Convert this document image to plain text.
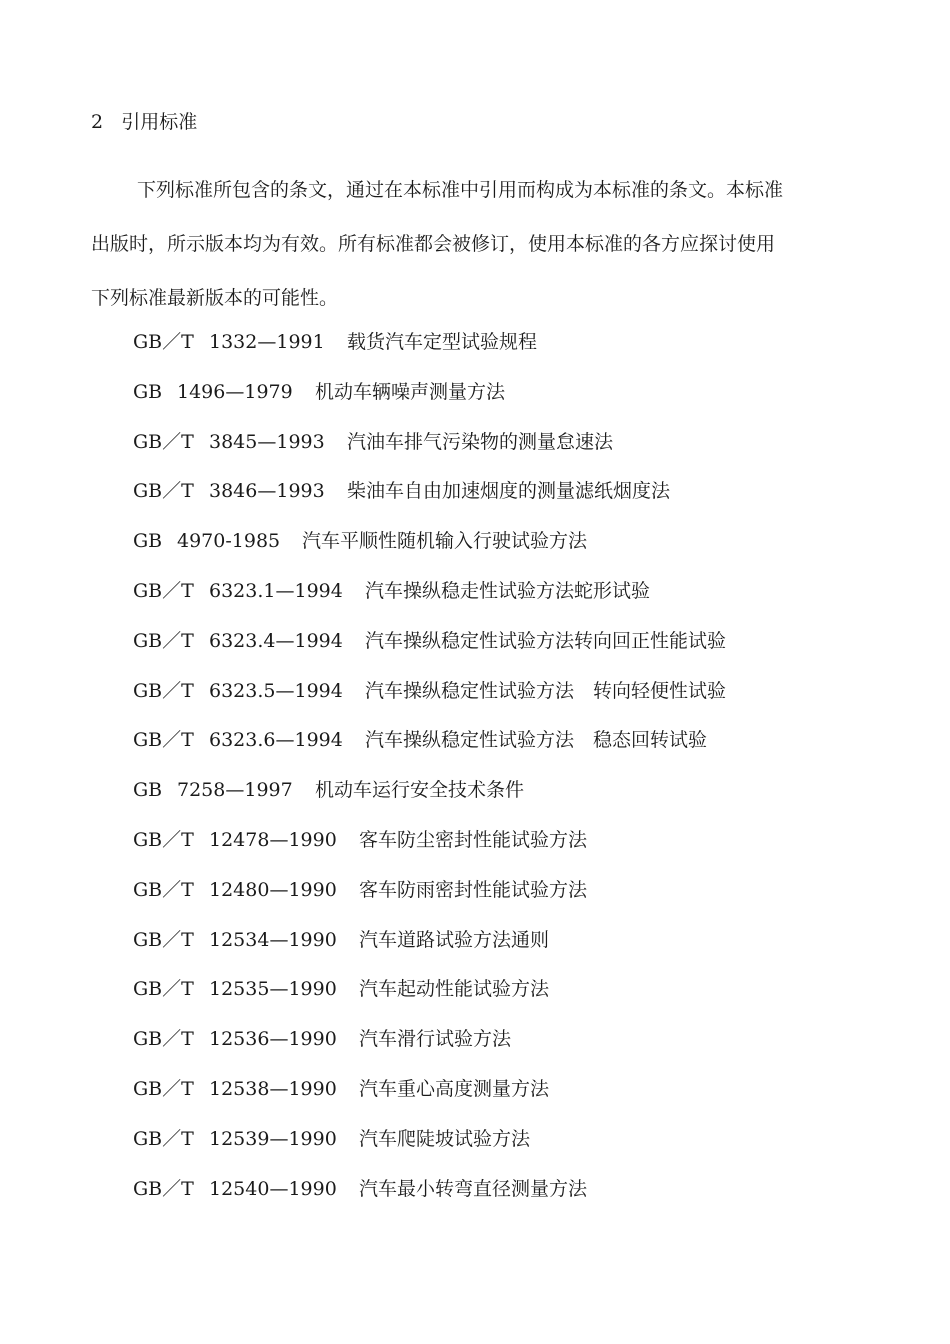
2 引用标准
下列标准所包含的条文，通过在本标准中引用而构成为本标准的条文。本标准
出版时，所示版本均为有效。所有标准都会被修订，使用本标准的各方应探讨使用
下列标准最新版本的可能性。
GB／T 1332—1991 载货汽车定型试验规程
GB 1496—1979 机动车辆噪声测量方法
GB／T 3845—1993 汽油车排气污染物的测量怠速法
GB／T 3846—1993 柴油车自由加速烟度的测量滤纸烟度法
GB 4970-1985 汽车平顺性随机输入行驶试验方法
GB／T 6323.1—1994 汽车操纵稳走性试验方法蛇形试验
GB／T 6323.4—1994 汽车操纵稳定性试验方法转向回正性能试验
GB／T 6323.5—1994 汽车操纵稳定性试验方法　转向轻便性试验
GB／T 6323.6—1994 汽车操纵稳定性试验方法　稳态回转试验
GB 7258—1997 机动车运行安全技术条件
GB／T 12478—1990 客车防尘密封性能试验方法
GB／T 12480—1990 客车防雨密封性能试验方法
GB／T 12534—1990 汽车道路试验方法通则
GB／T 12535—1990 汽车起动性能试验方法
GB／T 12536—1990 汽车滑行试验方法
GB／T 12538—1990 汽车重心高度测量方法
GB／T 12539—1990 汽车爬陡坡试验方法
GB／T 12540—1990 汽车最小转弯直径测量方法
